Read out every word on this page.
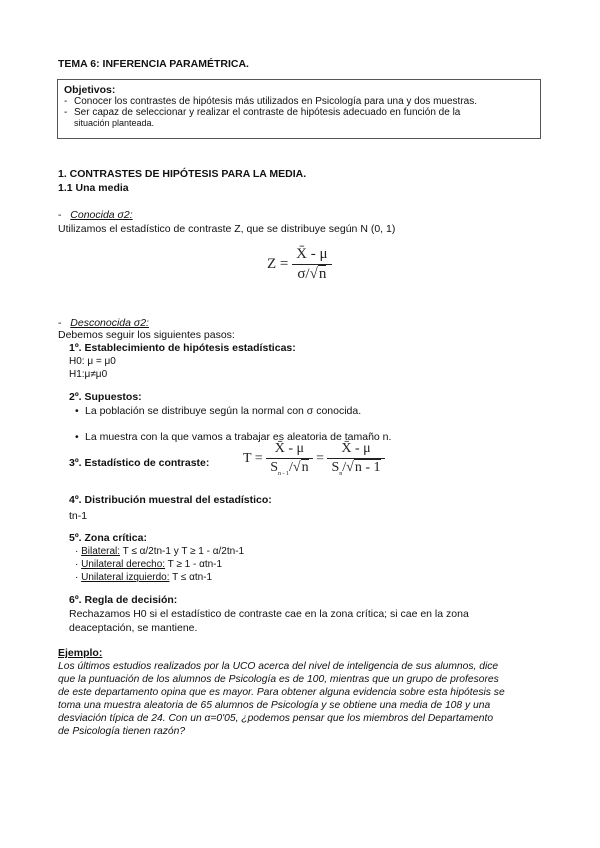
TEMA 6: INFERENCIA PARAMÉTRICA.
Objetivos:
- Conocer los contrastes de hipótesis más utilizados en Psicología para una y dos muestras.
- Ser capaz de seleccionar y realizar el contraste de hipótesis adecuado en función de la
situación planteada.
1. CONTRASTES DE HIPÓTESIS PARA LA MEDIA.
1.1 Una media
- Conocida σ2:
Utilizamos el estadístico de contraste Z, que se distribuye según N (0, 1)
$Z = \frac{X̄ - \mu}{\sigma/√n}$
- Desconocida σ2:
Debemos seguir los siguientes pasos:
1º. Establecimiento de hipótesis estadísticas:
H0: μ = μ0
H1:μ≠μ0
2º. Supuestos:
• La población se distribuye según la normal con σ conocida.
• La muestra con la que vamos a trabajar es aleatoria de tamaño n.
3º. Estadístico de contraste: $T = \frac{X̄ - \mu}{S_{n - 1}/√n} = \frac{X̄ - \mu}{S_n/√n - 1}$
4º. Distribución muestral del estadístico:
tn-1
5º. Zona crítica:
· Bilateral: T ≤ α/2tn-1 y T ≥ 1 - α/2tn-1
· Unilateral derecho: T ≥ 1 - αtn-1
· Unilateral izquierdo: T ≤ αtn-1
6º. Regla de decisión:
Rechazamos H0 si el estadístico de contraste cae en la zona crítica; si cae en la zona
deaceptación, se mantiene.
Ejemplo:
Los últimos estudios realizados por la UCO acerca del nivel de inteligencia de sus alumnos, dice
que la puntuación de los alumnos de Psicología es de 100, mientras que un grupo de profesores
de este departamento opina que es mayor. Para obtener alguna evidencia sobre esta hipótesis se
toma una muestra aleatoria de 65 alumnos de Psicología y se obtiene una media de 108 y una
desviación típica de 24. Con un α=0'05, ¿podemos pensar que los miembros del Departamento
de Psicología tienen razón?
